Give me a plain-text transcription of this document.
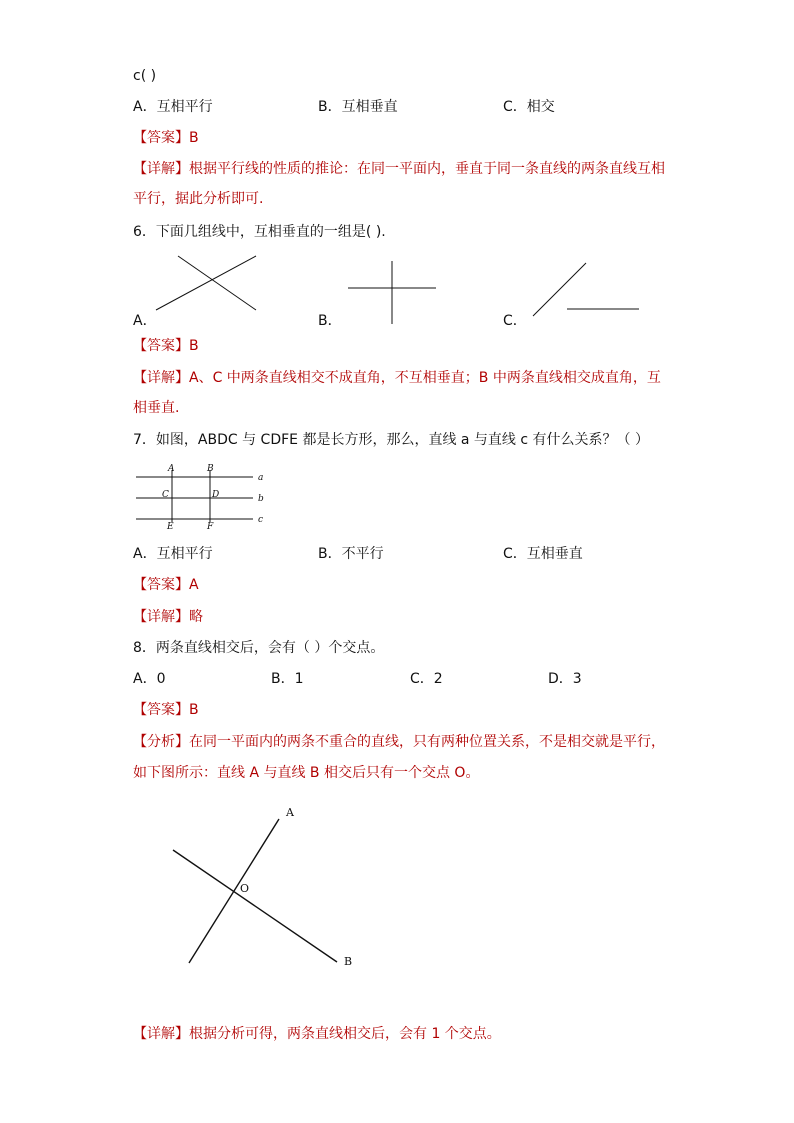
c( )
A．互相平行	B．互相垂直	C．相交
【答案】B
【详解】根据平行线的性质的推论：在同一平面内，垂直于同一条直线的两条直线互相
平行，据此分析即可.
6．下面几组线中，互相垂直的一组是( ).
A．	B．	C．
【答案】B
【详解】A、C 中两条直线相交不成直角，不互相垂直；B 中两条直线相交成直角，互
相垂直.
7．如图，ABDC 与 CDFE 都是长方形，那么，直线 a 与直线 c 有什么关系？（ ）
A	B
C	D
E	F
a
b
c
A．互相平行	B．不平行	C．互相垂直
【答案】A
【详解】略
8．两条直线相交后，会有（ ）个交点。
A．0	B．1	C．2	D．3
【答案】B
【分析】在同一平面内的两条不重合的直线，只有两种位置关系，不是相交就是平行，
如下图所示：直线 A 与直线 B 相交后只有一个交点 O。
A
O
B
【详解】根据分析可得，两条直线相交后，会有 1 个交点。
